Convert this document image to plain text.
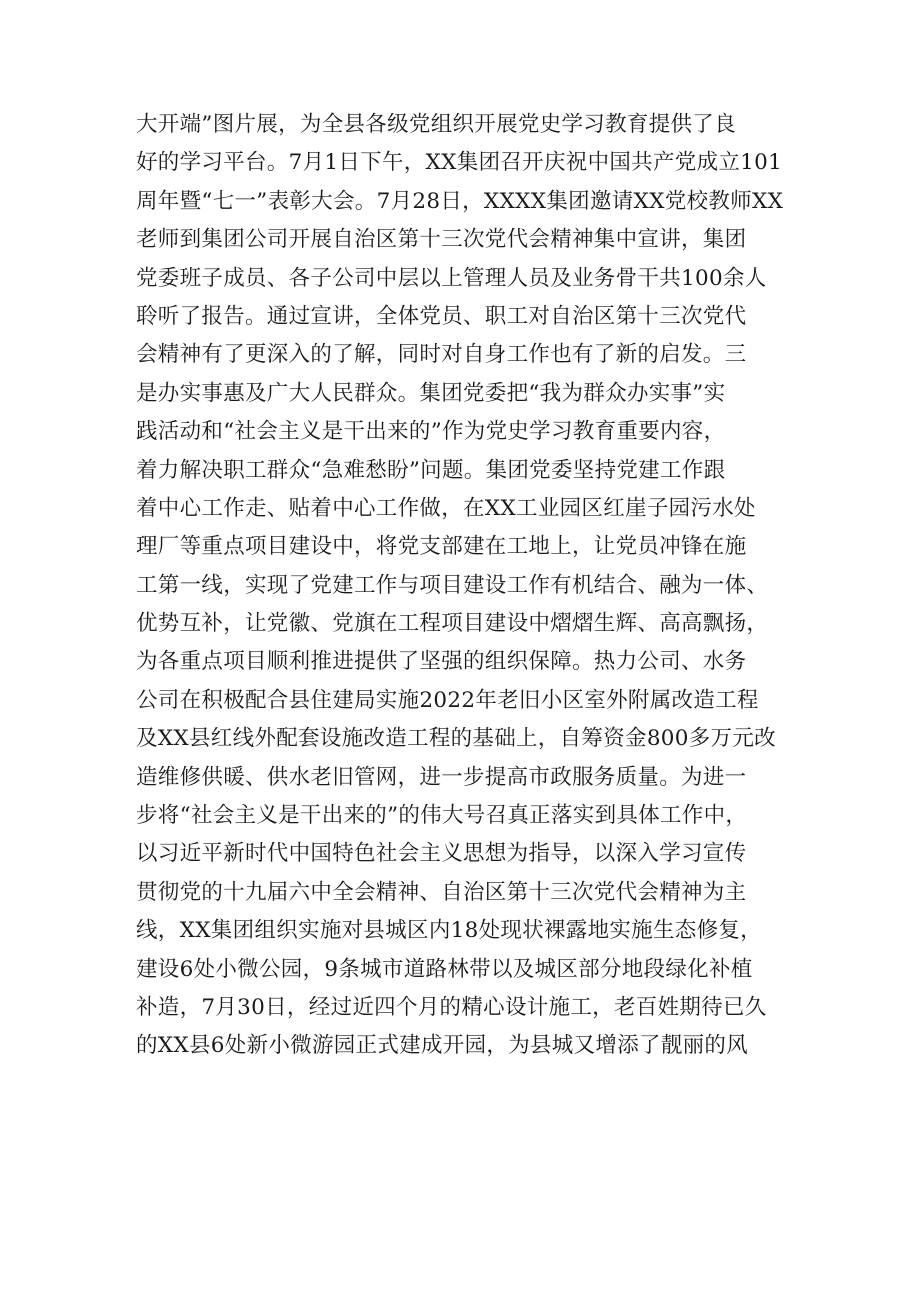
大开端”图片展，为全县各级党组织开展党史学习教育提供了良
好的学习平台。7月1日下午，XX集团召开庆祝中国共产党成立101
周年暨“七一”表彰大会。7月28日，XXXX集团邀请XX党校教师XX
老师到集团公司开展自治区第十三次党代会精神集中宣讲，集团
党委班子成员、各子公司中层以上管理人员及业务骨干共100余人
聆听了报告。通过宣讲，全体党员、职工对自治区第十三次党代
会精神有了更深入的了解，同时对自身工作也有了新的启发。三
是办实事惠及广大人民群众。集团党委把“我为群众办实事”实
践活动和“社会主义是干出来的”作为党史学习教育重要内容，
着力解决职工群众“急难愁盼”问题。集团党委坚持党建工作跟
着中心工作走、贴着中心工作做，在XX工业园区红崖子园污水处
理厂等重点项目建设中，将党支部建在工地上，让党员冲锋在施
工第一线，实现了党建工作与项目建设工作有机结合、融为一体、
优势互补，让党徽、党旗在工程项目建设中熠熠生辉、高高飘扬，
为各重点项目顺利推进提供了坚强的组织保障。热力公司、水务
公司在积极配合县住建局实施2022年老旧小区室外附属改造工程
及XX县红线外配套设施改造工程的基础上，自筹资金800多万元改
造维修供暖、供水老旧管网，进一步提高市政服务质量。为进一
步将“社会主义是干出来的”的伟大号召真正落实到具体工作中，
以习近平新时代中国特色社会主义思想为指导，以深入学习宣传
贯彻党的十九届六中全会精神、自治区第十三次党代会精神为主
线，XX集团组织实施对县城区内18处现状裸露地实施生态修复，
建设6处小微公园，9条城市道路林带以及城区部分地段绿化补植
补造，7月30日，经过近四个月的精心设计施工，老百姓期待已久
的XX县6处新小微游园正式建成开园，为县城又增添了靓丽的风
